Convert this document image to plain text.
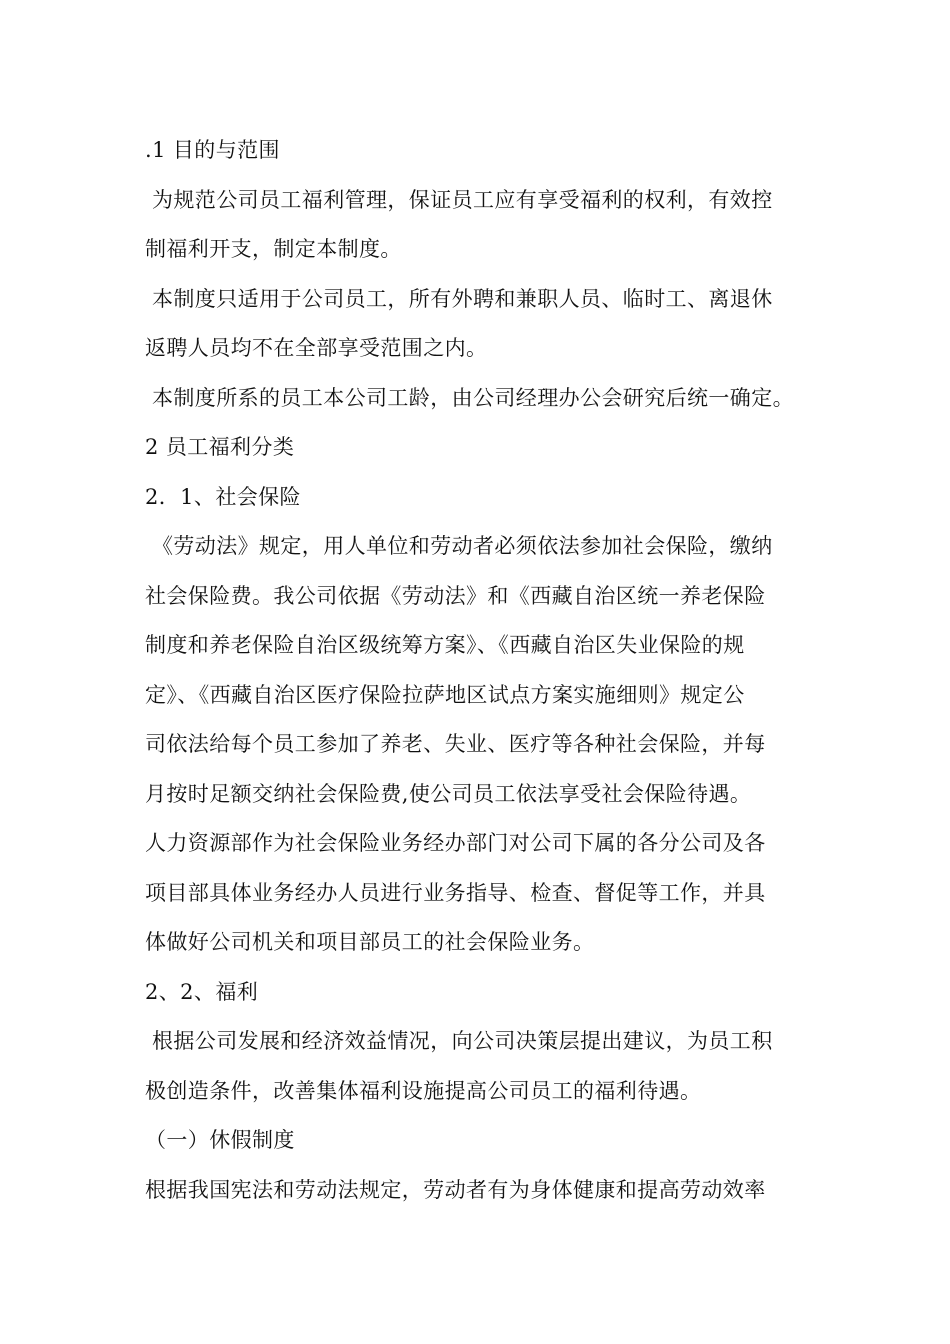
.1 目的与范围
为规范公司员工福利管理，保证员工应有享受福利的权利，有效控
制福利开支，制定本制度。
本制度只适用于公司员工，所有外聘和兼职人员、临时工、离退休
返聘人员均不在全部享受范围之内。
本制度所系的员工本公司工龄，由公司经理办公会研究后统一确定。
2 员工福利分类
2．1、社会保险
《劳动法》规定，用人单位和劳动者必须依法参加社会保险，缴纳
社会保险费。我公司依据《劳动法》和《西藏自治区统一养老保险
制度和养老保险自治区级统筹方案》、《西藏自治区失业保险的规
定》、《西藏自治区医疗保险拉萨地区试点方案实施细则》规定公
司依法给每个员工参加了养老、失业、医疗等各种社会保险，并每
月按时足额交纳社会保险费,使公司员工依法享受社会保险待遇。
人力资源部作为社会保险业务经办部门对公司下属的各分公司及各
项目部具体业务经办人员进行业务指导、检查、督促等工作，并具
体做好公司机关和项目部员工的社会保险业务。
2、2、福利
根据公司发展和经济效益情况，向公司决策层提出建议，为员工积
极创造条件，改善集体福利设施提高公司员工的福利待遇。
（一）休假制度
根据我国宪法和劳动法规定，劳动者有为身体健康和提高劳动效率
